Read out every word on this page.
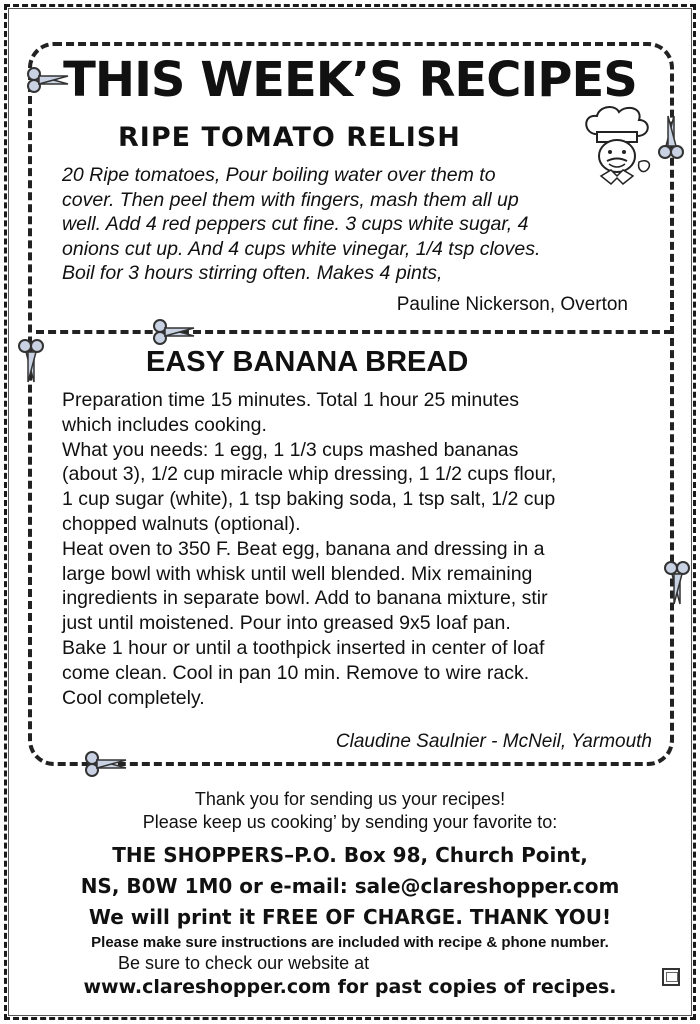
THIS WEEK’S RECIPES
RIPE TOMATO RELISH
20 Ripe tomatoes, Pour boiling water over them to
cover. Then peel them with fingers, mash them all up
well. Add 4 red peppers cut fine. 3 cups white sugar, 4
onions cut up. And 4 cups white vinegar, 1/4 tsp cloves.
Boil for 3 hours stirring often. Makes 4 pints,
Pauline Nickerson, Overton
EASY BANANA BREAD
Preparation time 15 minutes. Total 1 hour 25 minutes
which includes cooking.
What you needs: 1 egg, 1 1/3 cups mashed bananas
(about 3), 1/2 cup miracle whip dressing, 1 1/2 cups flour,
1 cup sugar (white), 1 tsp baking soda, 1 tsp salt, 1/2 cup
chopped walnuts (optional).
Heat oven to 350 F. Beat egg, banana and dressing in a
large bowl with whisk until well blended. Mix remaining
ingredients in separate bowl. Add to banana mixture, stir
just until moistened. Pour into greased 9x5 loaf pan.
Bake 1 hour or until a toothpick inserted in center of loaf
come clean. Cool in pan 10 min. Remove to wire rack.
Cool completely.
Claudine Saulnier - McNeil, Yarmouth
Thank you for sending us your recipes!
Please keep us cooking’ by sending your favorite to:
THE SHOPPERS–P.O. Box 98, Church Point,
NS, B0W 1M0 or e-mail: sale@clareshopper.com
We will print it FREE OF CHARGE. THANK YOU!
Please make sure instructions are included with recipe & phone number.
Be sure to check our website at
www.clareshopper.com for past copies of recipes.
